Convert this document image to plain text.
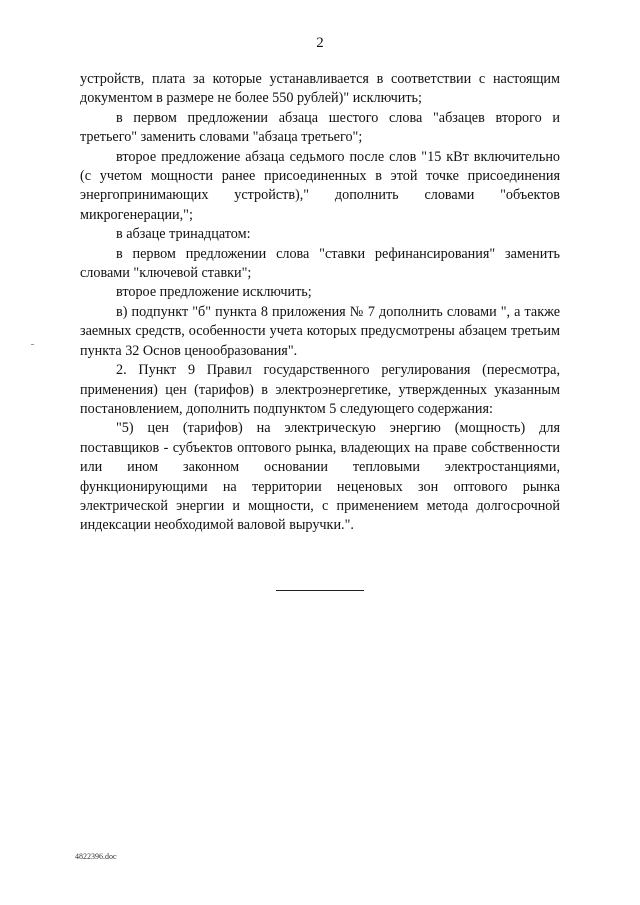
2

устройств, плата за которые устанавливается в соответствии с настоящим документом в размере не более 550 рублей)" исключить;

в первом предложении абзаца шестого слова "абзацев второго и третьего" заменить словами "абзаца третьего";

второе предложение абзаца седьмого после слов "15 кВт включительно (с учетом мощности ранее присоединенных в этой точке присоединения энергопринимающих устройств)," дополнить словами "объектов микрогенерации,";

в абзаце тринадцатом:

в первом предложении слова "ставки рефинансирования" заменить словами "ключевой ставки";

второе предложение исключить;

в) подпункт "б" пункта 8 приложения № 7 дополнить словами ", а также заемных средств, особенности учета которых предусмотрены абзацем третьим пункта 32 Основ ценообразования".

2. Пункт 9 Правил государственного регулирования (пересмотра, применения) цен (тарифов) в электроэнергетике, утвержденных указанным постановлением, дополнить подпунктом 5 следующего содержания:

"5) цен (тарифов) на электрическую энергию (мощность) для поставщиков - субъектов оптового рынка, владеющих на праве собственности или ином законном основании тепловыми электростанциями, функционирующими на территории неценовых зон оптового рынка электрической энергии и мощности, с применением метода долгосрочной индексации необходимой валовой выручки.".

4822396.doc
